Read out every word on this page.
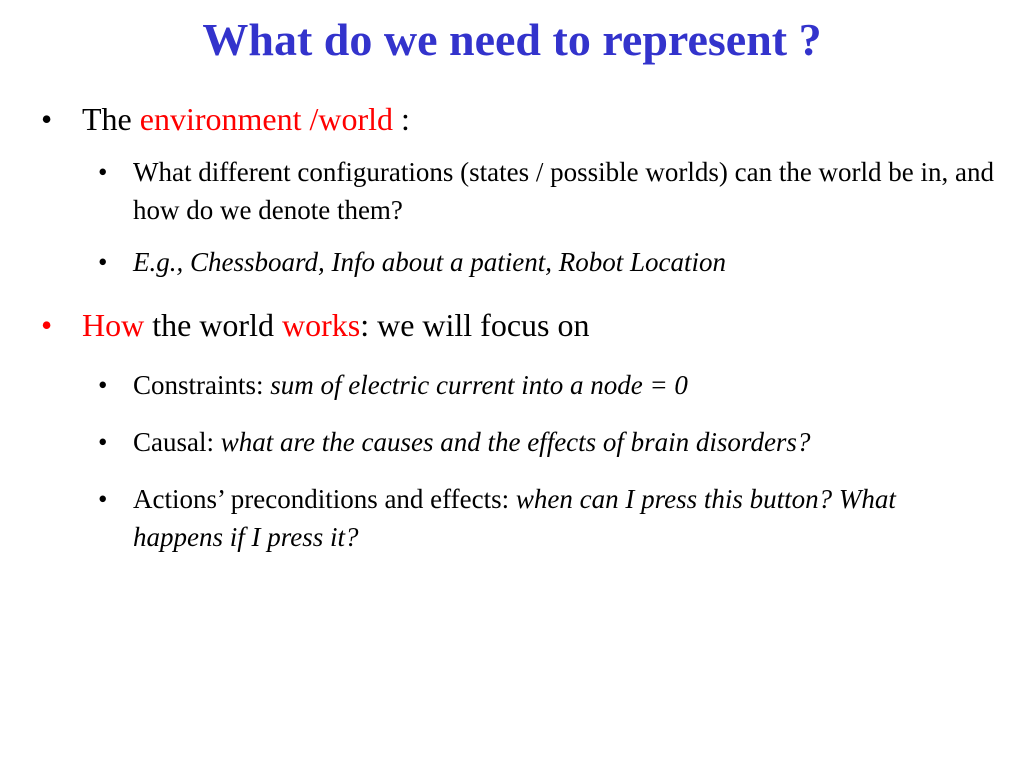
What do we need to represent ?

• The environment /world :

• What different configurations (states / possible worlds) can the world be in, and how do we denote them?

• E.g., Chessboard, Info about a patient, Robot Location

• How the world works: we will focus on

• Constraints: sum of electric current into a node = 0

• Causal: what are the causes and the effects of brain disorders?

• Actions’ preconditions and effects: when can I press this button? What happens if I press it?
